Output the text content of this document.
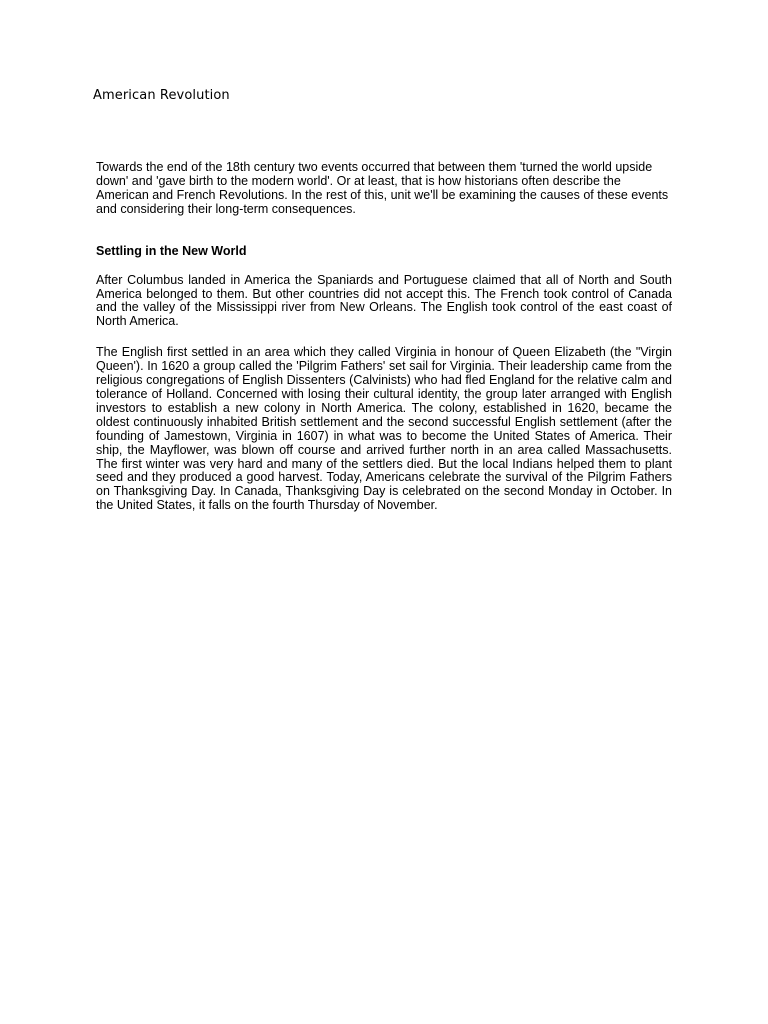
American Revolution

Towards the end of the 18th century two events occurred that between them 'turned the world upside down' and 'gave birth to the modern world'. Or at least, that is how historians often describe the American and French Revolutions. In the rest of this, unit we'll be examining the causes of these events and considering their long-term consequences.

Settling in the New World

After Columbus landed in America the Spaniards and Portuguese claimed that all of North and South America belonged to them. But other countries did not accept this. The French took control of Canada and the valley of the Mississippi river from New Orleans. The English took control of the east coast of North America.

The English first settled in an area which they called Virginia in honour of Queen Elizabeth (the "Virgin Queen'). In 1620 a group called the 'Pilgrim Fathers' set sail for Virginia. Their leadership came from the religious congregations of English Dissenters (Calvinists) who had fled England for the relative calm and tolerance of Holland. Concerned with losing their cultural identity, the group later arranged with English investors to establish a new colony in North America. The colony, established in 1620, became the oldest continuously inhabited British settlement and the second successful English settlement (after the founding of Jamestown, Virginia in 1607) in what was to become the United States of America. Their ship, the Mayflower, was blown off course and arrived further north in an area called Massachusetts. The first winter was very hard and many of the settlers died. But the local Indians helped them to plant seed and they produced a good harvest. Today, Americans celebrate the survival of the Pilgrim Fathers on Thanksgiving Day. In Canada, Thanksgiving Day is celebrated on the second Monday in October. In the United States, it falls on the fourth Thursday of November.
